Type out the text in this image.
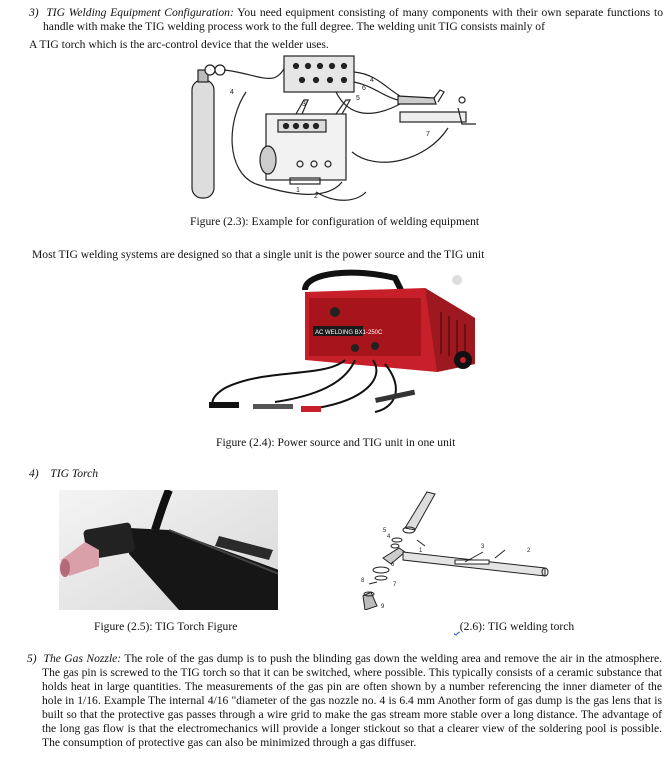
3) TIG Welding Equipment Configuration: You need equipment consisting of many components with their own separate functions to handle with make the TIG welding process work to the full degree. The welding unit TIG consists mainly of
A TIG torch which is the arc-control device that the welder uses.
1
2
3
4
4
5
6
7
Figure (2.3): Example for configuration of welding equipment
Most TIG welding systems are designed so that a single unit is the power source and the TIG unit
AC WELDING BX1-250C
Figure (2.4): Power source and TIG unit in one unit
4) TIG Torch
Figure (2.5): TIG Torch Figure
1	2
3
4
5
6
7
8
9
(2.6): TIG welding torch
5) The Gas Nozzle: The role of the gas dump is to push the blinding gas down the welding area and remove the air in the atmosphere. The gas pin is screwed to the TIG torch so that it can be switched, where possible. This typically consists of a ceramic substance that holds heat in large quantities. The measurements of the gas pin are often shown by a number referencing the inner diameter of the hole in 1/16. Example The internal 4/16 "diameter of the gas nozzle no. 4 is 6.4 mm Another form of gas dump is the gas lens that is built so that the protective gas passes through a wire grid to make the gas stream more stable over a long distance. The advantage of the long gas flow is that the electromechanics will provide a longer stickout so that a clearer view of the soldering pool is possible. The consumption of protective gas can also be minimized through a gas diffuser.
